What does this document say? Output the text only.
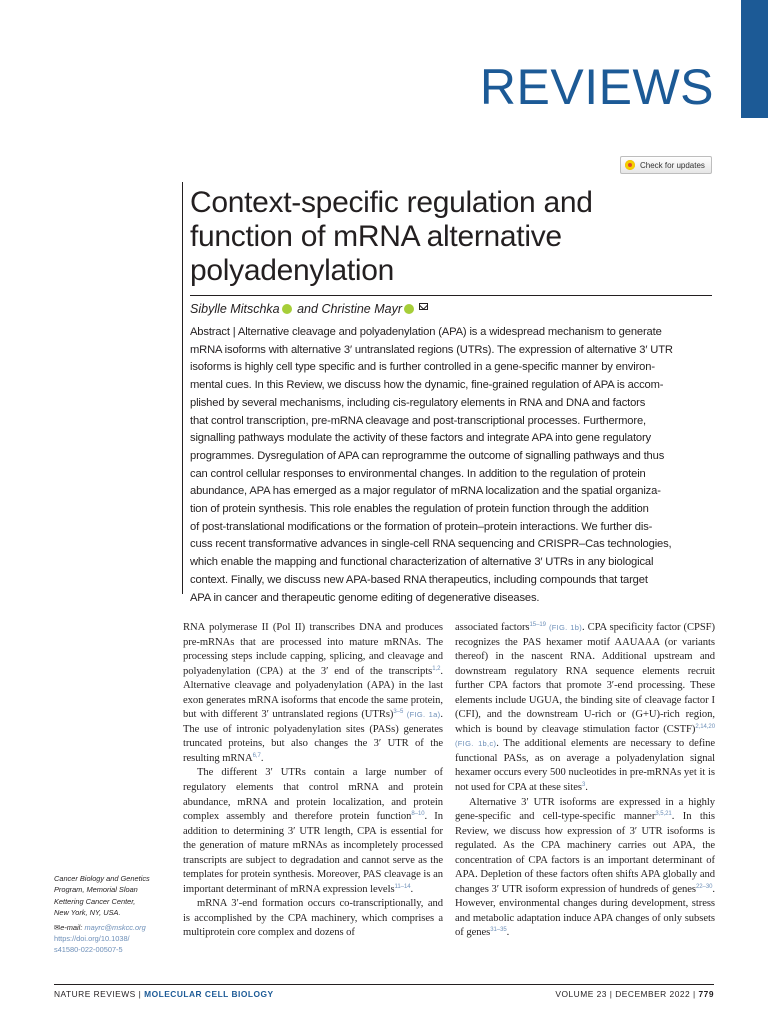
REVIEWS
Check for updates
Context-specific regulation and
function of mRNA alternative
polyadenylation
Sibylle Mitschka and Christine Mayr
Abstract | Alternative cleavage and polyadenylation (APA) is a widespread mechanism to generate
mRNA isoforms with alternative 3′ untranslated regions (UTRs). The expression of alternative 3′ UTR
isoforms is highly cell type specific and is further controlled in a gene-specific manner by environ-
mental cues. In this Review, we discuss how the dynamic, fine-grained regulation of APA is accom-
plished by several mechanisms, including cis-regulatory elements in RNA and DNA and factors
that control transcription, pre-mRNA cleavage and post-transcriptional processes. Furthermore,
signalling pathways modulate the activity of these factors and integrate APA into gene regulatory
programmes. Dysregulation of APA can reprogramme the outcome of signalling pathways and thus
can control cellular responses to environmental changes. In addition to the regulation of protein
abundance, APA has emerged as a major regulator of mRNA localization and the spatial organiza-
tion of protein synthesis. This role enables the regulation of protein function through the addition
of post-translational modifications or the formation of protein–protein interactions. We further dis-
cuss recent transformative advances in single-cell RNA sequencing and CRISPR–Cas technologies,
which enable the mapping and functional characterization of alternative 3′ UTRs in any biological
context. Finally, we discuss new APA-based RNA therapeutics, including compounds that target
APA in cancer and therapeutic genome editing of degenerative diseases.

RNA polymerase II (Pol II) transcribes DNA and produces pre-mRNAs that are processed into mature mRNAs. The processing steps include capping, splicing, and cleavage and polyadenylation (CPA) at the 3′ end of the transcripts$^{1,2}$. Alternative cleavage and polyadenylation (APA) in the last exon generates mRNA isoforms that encode the same protein, but with different 3′ untranslated regions (UTRs)$^{3-5}$ (FIG. 1a). The use of intronic polyadenylation sites (PASs) generates truncated proteins, but also changes the 3′ UTR of the resulting mRNA$^{6,7}$.

The different 3′ UTRs contain a large number of regulatory elements that control mRNA and protein abundance, mRNA and protein localization, and protein complex assembly and therefore protein function$^{8-10}$. In addition to determining 3′ UTR length, CPA is essential for the generation of mature mRNAs as incompletely processed transcripts are subject to degradation and cannot serve as the templates for protein synthesis. Moreover, PAS cleavage is an important determinant of mRNA expression levels$^{11-14}$.

mRNA 3′-end formation occurs co-transcriptionally, and is accomplished by the CPA machinery, which comprises a multiprotein core complex and dozens of

associated factors$^{15-19}$ (FIG. 1b). CPA specificity factor (CPSF) recognizes the PAS hexamer motif AAUAAA (or variants thereof) in the nascent RNA. Additional upstream and downstream regulatory RNA sequence elements recruit further CPA factors that promote 3′-end processing. These elements include UGUA, the binding site of cleavage factor I (CFI), and the downstream U-rich or (G+U)-rich region, which is bound by cleavage stimulation factor (CSTF)$^{2,14,20}$ (FIG. 1b,c). The additional elements are necessary to define functional PASs, as on average a polyadenylation signal hexamer occurs every 500 nucleotides in pre-mRNAs yet it is not used for CPA at these sites$^3$.

Alternative 3′ UTR isoforms are expressed in a highly gene-specific and cell-type-specific manner$^{3,5,21}$. In this Review, we discuss how expression of 3′ UTR isoforms is regulated. As the CPA machinery carries out APA, the concentration of CPA factors is an important determinant of APA. Depletion of these factors often shifts APA globally and changes 3′ UTR isoform expression of hundreds of genes$^{22-30}$. However, environmental changes during development, stress and metabolic adaptation induce APA changes of only subsets of genes$^{31-35}$.

Cancer Biology and Genetics
Program, Memorial Sloan
Kettering Cancer Center,
New York, NY, USA.
✉e-mail: mayrc@mskcc.org
https://doi.org/10.1038/
s41580-022-00507-5
NATURE REVIEWS | MOLECULAR CELL BIOLOGY	VOLUME 23 | DECEMBER 2022 | 779
